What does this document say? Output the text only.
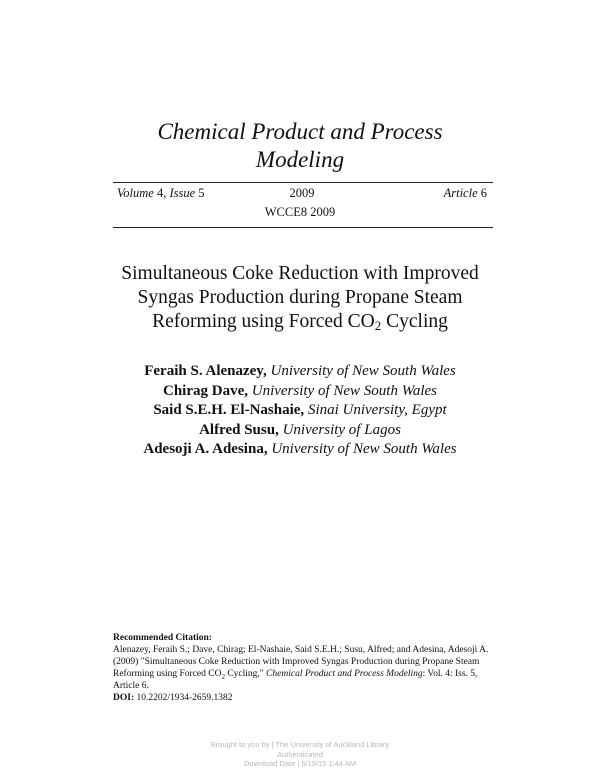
Chemical Product and Process
Modeling
Volume 4, Issue 5	2009	Article 6
WCCE8 2009
Simultaneous Coke Reduction with Improved
Syngas Production during Propane Steam
Reforming using Forced $CO_2$ Cycling
Feraih S. Alenazey, University of New South Wales
Chirag Dave, University of New South Wales
Said S.E.H. El-Nashaie, Sinai University, Egypt
Alfred Susu, University of Lagos
Adesoji A. Adesina, University of New South Wales
Recommended Citation:
Alenazey, Feraih S.; Dave, Chirag; El-Nashaie, Said S.E.H.; Susu, Alfred; and Adesina, Adesoji A. (2009) "Simultaneous Coke Reduction with Improved Syngas Production during Propane Steam Reforming using Forced $CO_2$ Cycling," Chemical Product and Process Modeling: Vol. 4: Iss. 5, Article 6.
DOI: 10.2202/1934-2659.1382
Brought to you by | The University of Auckland Library
Authenticated
Download Date | 6/19/15 1:44 AM
